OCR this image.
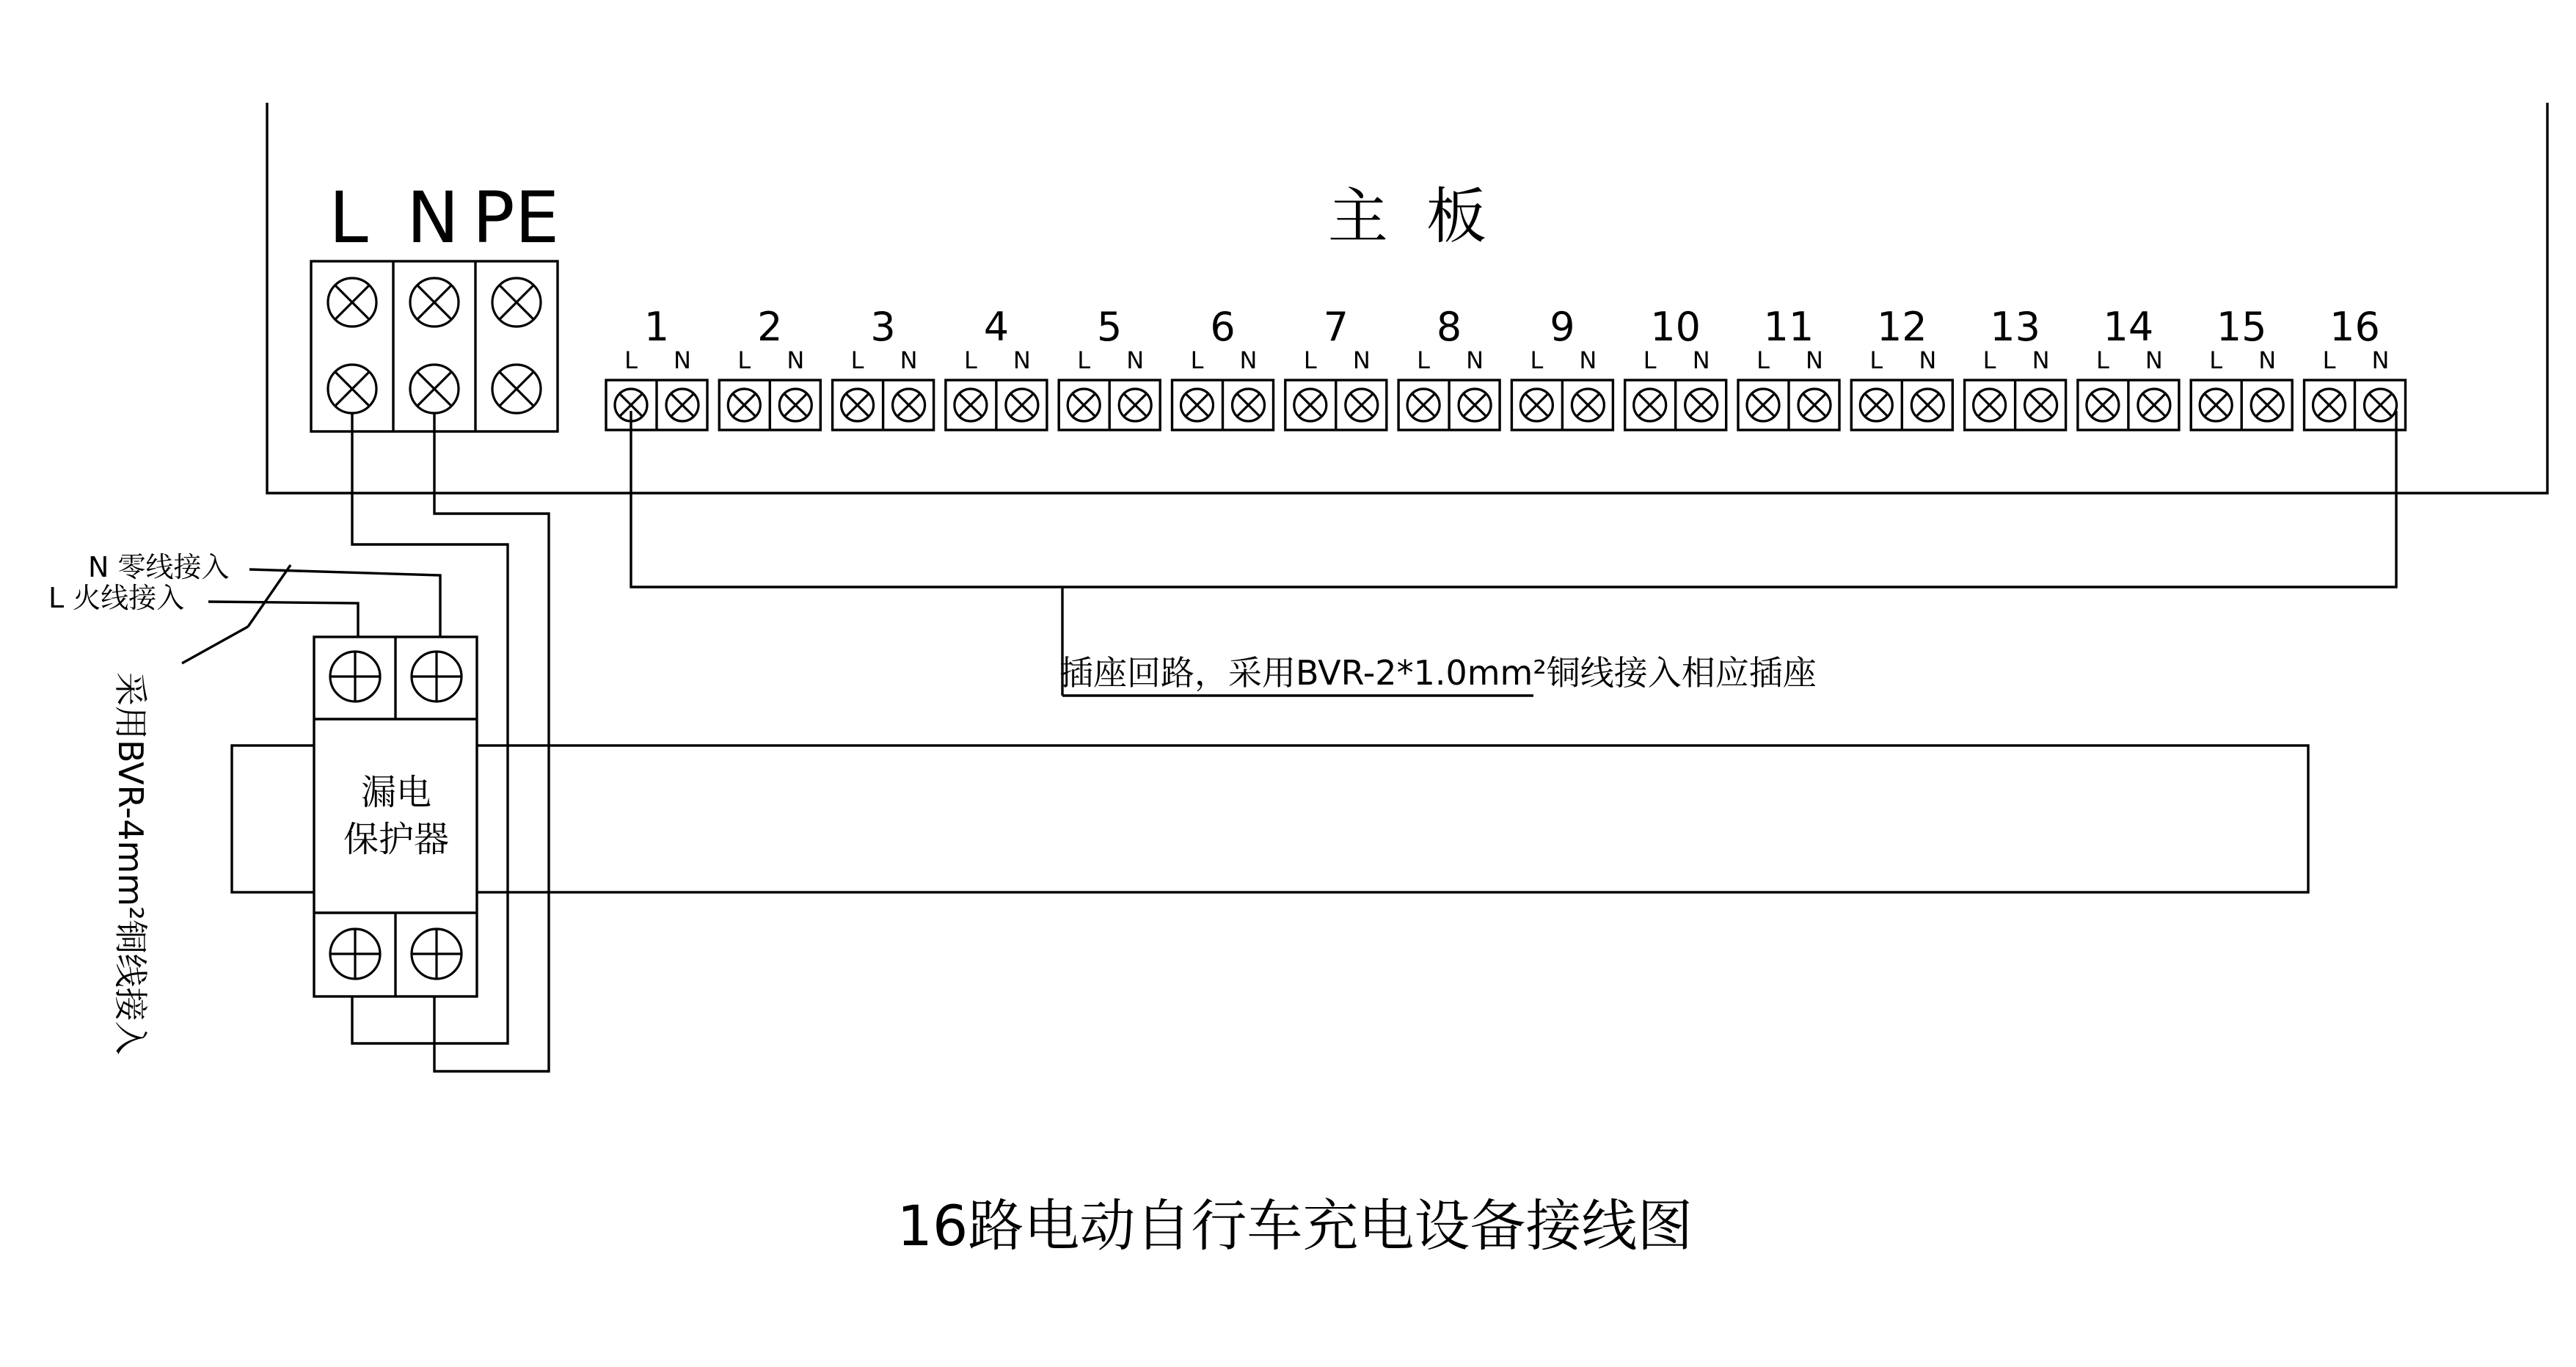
主  板
L N PE
1
L N
2
L N
3
L N
4
L N
5
L N
6
L N
7
L N
8
L N
9
L N
10
L N
11
L N
12
L N
13
L N
14
L N
15
L N
16
L N
插座回路，采用BVR-2*1.0mm²铜线接入相应插座
N 零线接入
L 火线接入
采用BVR-4mm²铜线接入	漏电
保护器
16路电动自行车充电设备接线图
